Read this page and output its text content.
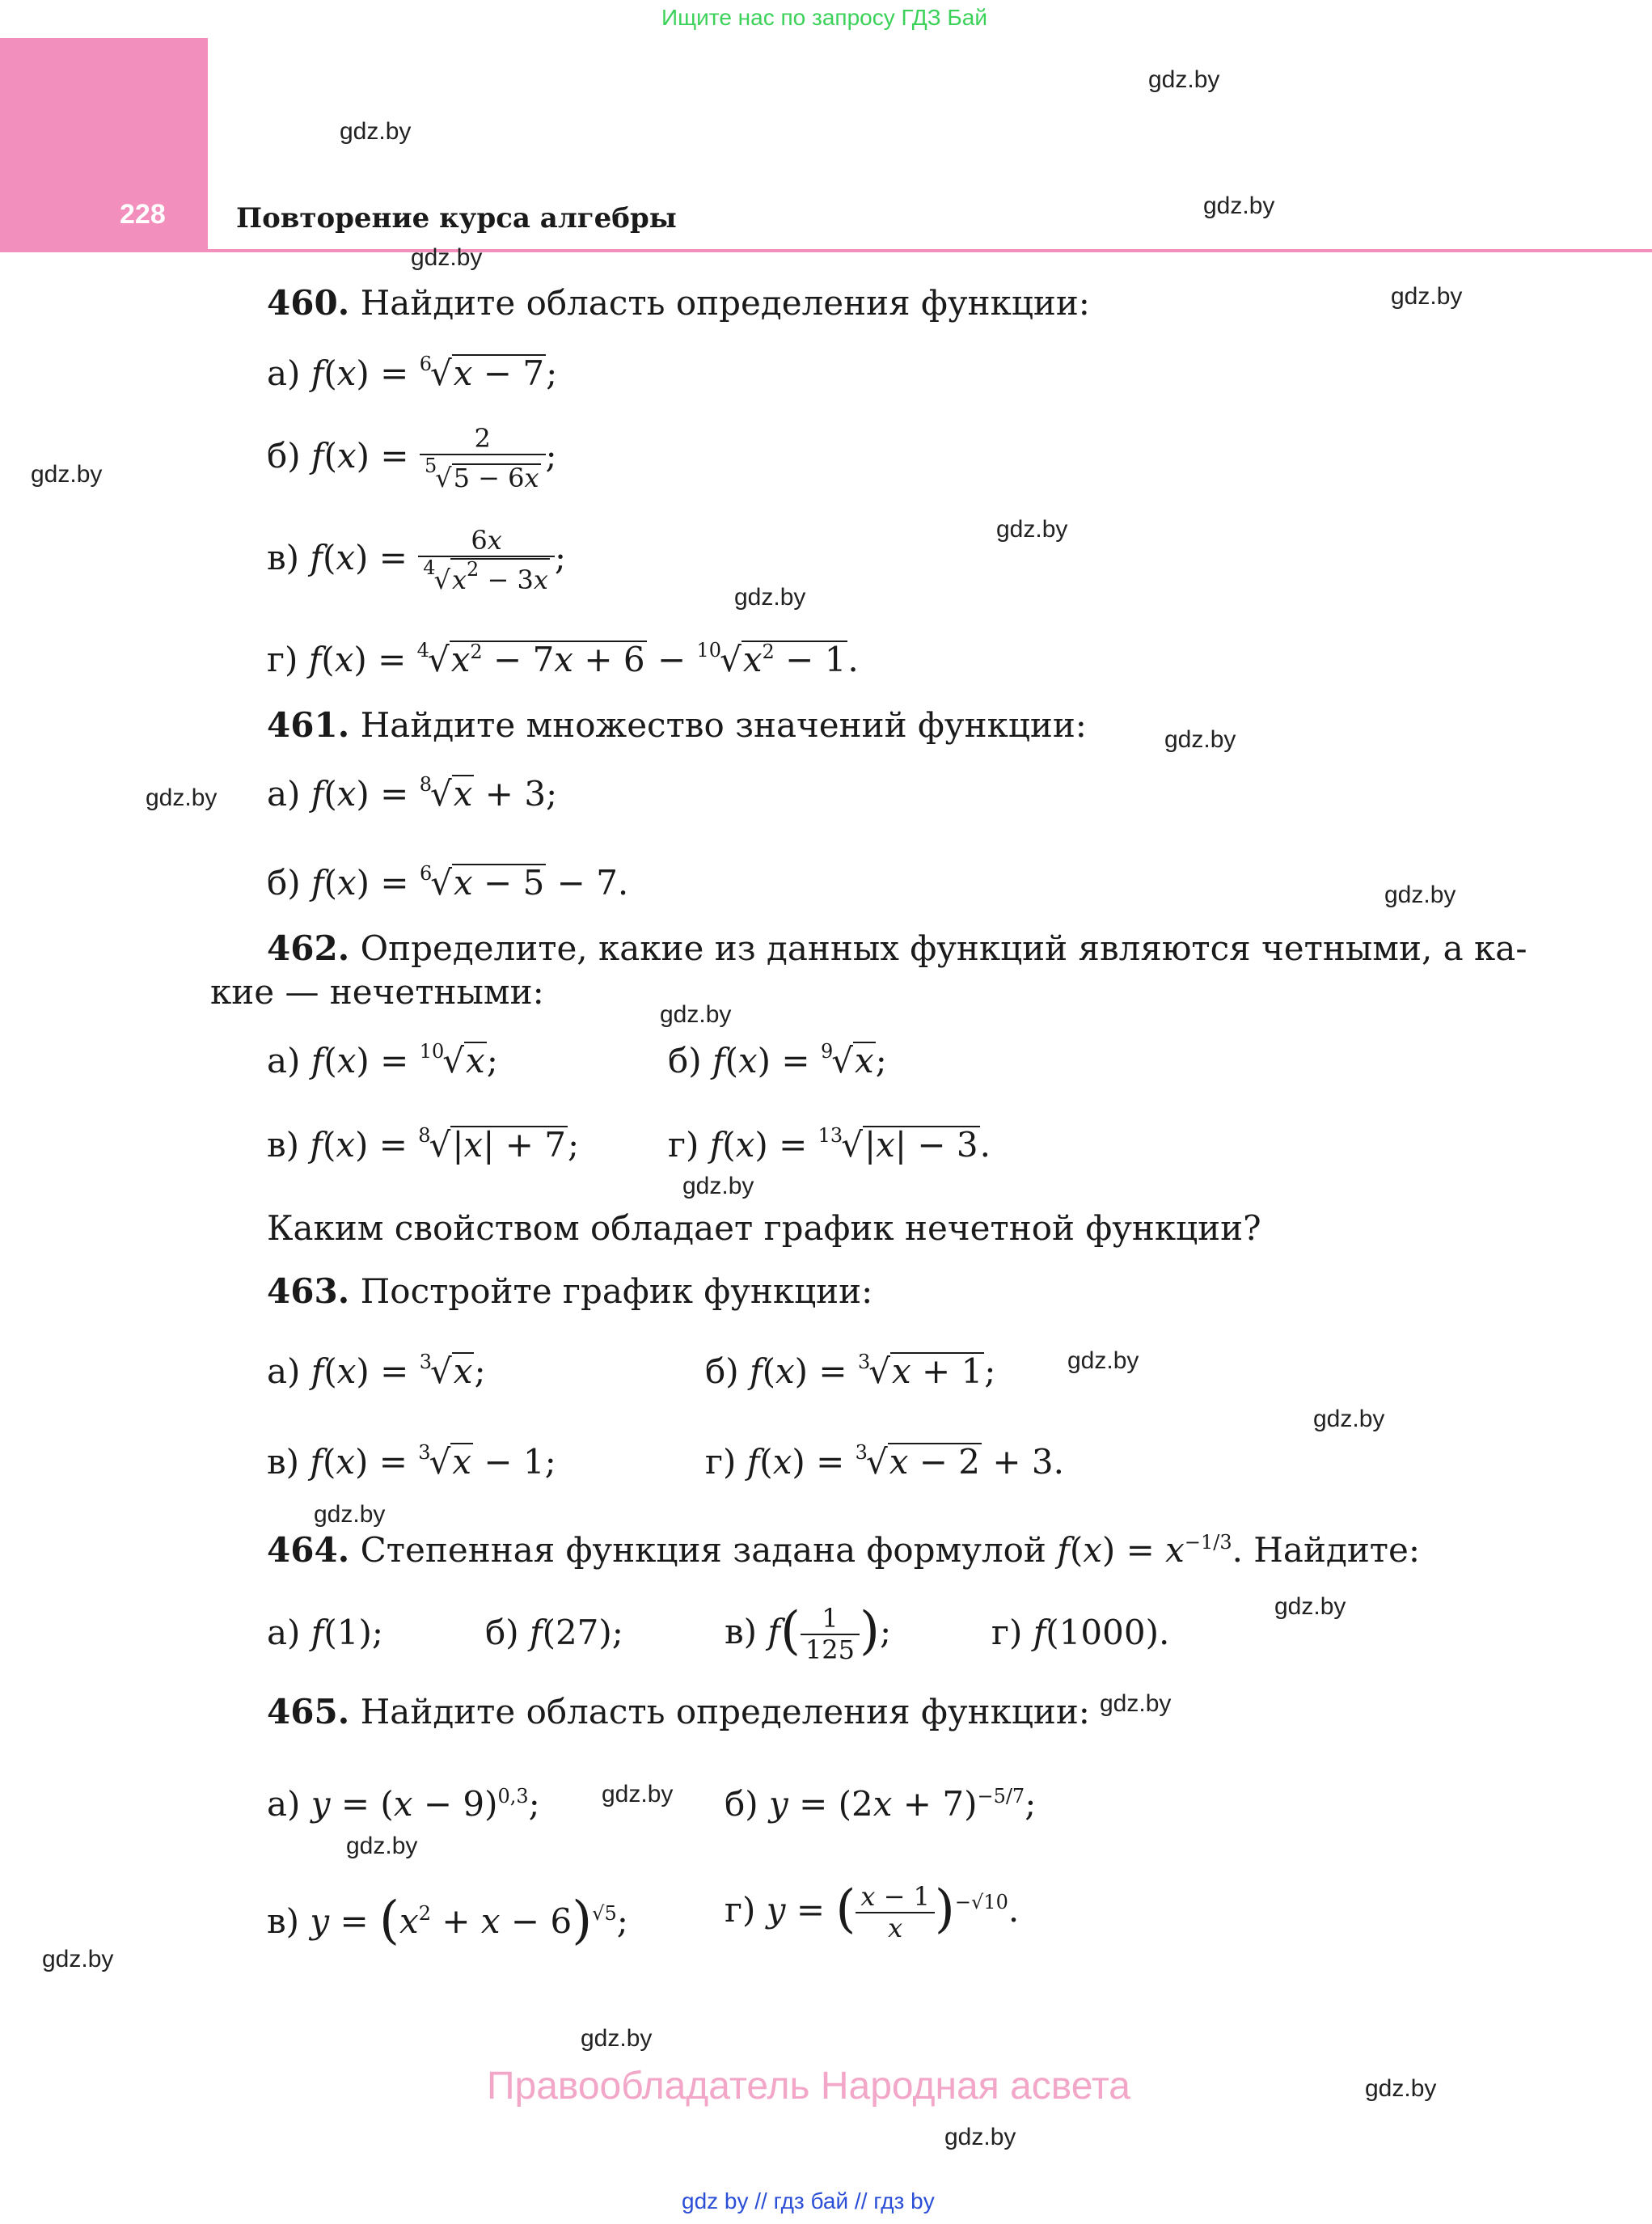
Ищите нас по запросу ГДЗ Бай
228	Повторение курса алгебры
gdz.by
gdz.by
gdz.by
gdz.by
gdz.by
gdz.by
gdz.by
gdz.by
gdz.by
gdz.by
gdz.by
gdz.by
gdz.by
gdz.by
gdz.by
gdz.by
gdz.by
gdz.by
gdz.by
gdz.by
gdz.by
gdz.by
gdz.by
gdz.by
460. Найдите область определения функции:
а) f(x) = $^6$√x − 7;
б) $f(x) = \frac{2}{^5√5 - 6x}$ ;
в) $f(x) = \frac{6x}{^4√x^2 - 3x}$ ;
г) $f(x) = ^4√x^2 - 7x + 6 - ^{10}√x^2 - 1$.
461. Найдите множество значений функции:
а) f(x) = $^8$√x + 3;
б) f(x) = $^6$√x − 5 − 7.
462. Определите, какие из данных функций являются четными, а ка-
кие — нечетными:
а) f(x) = $^{10}$√x;	б) f(x) = $^9$√x;
в) f(x) = $^8$√|x| + 7;	г) f(x) = $^{13}$√|x| − 3.
Каким свойством обладает график нечетной функции?
463. Постройте график функции:
а) f(x) = $^3$√x;	б) f(x) = $^3$√x + 1;
в) f(x) = $^3$√x − 1;	г) f(x) = $^3$√x − 2 + 3.
464. Степенная функция задана формулой $f(x) = x^{-1/3}$. Найдите:
а) f(1);	б) f(27);	в) $f( \frac{1}{125}$ );	г) f(1000).
465. Найдите область определения функции:
а) $y = (x - 9)^{0,3}$;	б) $y = (2x + 7)^{-5/7}$;
в) $y = (x^2 + x - 6)^{√5}$;	г) y = ( $\frac{x - 1}{x} )^{-√10}$.
Правообладатель Народная асвета
gdz by // гдз бай // гдз by
